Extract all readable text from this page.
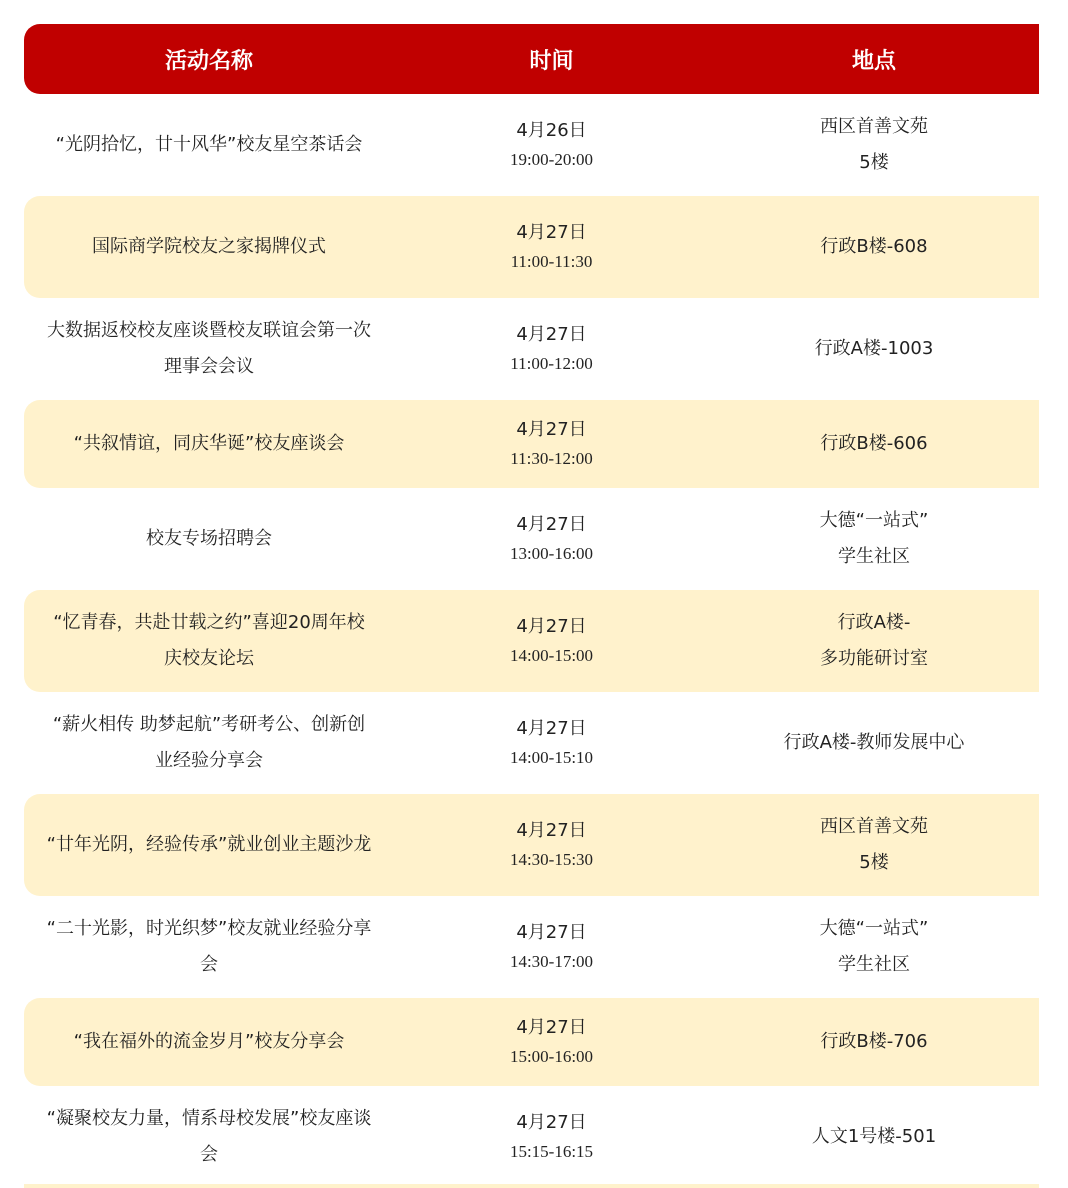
活动名称	时间	地点
“光阴拾忆，廿十风华”校友星空茶话会
4月26日
19:00-20:00
西区首善文苑
5楼
国际商学院校友之家揭牌仪式
4月27日
11:00-11:30
行政B楼-608
大数据返校校友座谈暨校友联谊会第一次理事会会议
4月27日
11:00-12:00
行政A楼-1003
“共叙情谊，同庆华诞”校友座谈会
4月27日
11:30-12:00
行政B楼-606
校友专场招聘会
4月27日
13:00-16:00
大德“一站式”
学生社区
“忆青春，共赴廿载之约”喜迎20周年校庆校友论坛
4月27日
14:00-15:00
行政A楼-
多功能研讨室
“薪火相传 助梦起航”考研考公、创新创业经验分享会
4月27日
14:00-15:10
行政A楼-教师发展中心
“廿年光阴，经验传承”就业创业主题沙龙
4月27日
14:30-15:30
西区首善文苑
5楼
“二十光影，时光织梦”校友就业经验分享会
4月27日
14:30-17:00
大德“一站式”
学生社区
“我在福外的流金岁月”校友分享会
4月27日
15:00-16:00
行政B楼-706
“凝聚校友力量，情系母校发展”校友座谈会
4月27日
15:15-16:15
人文1号楼-501
